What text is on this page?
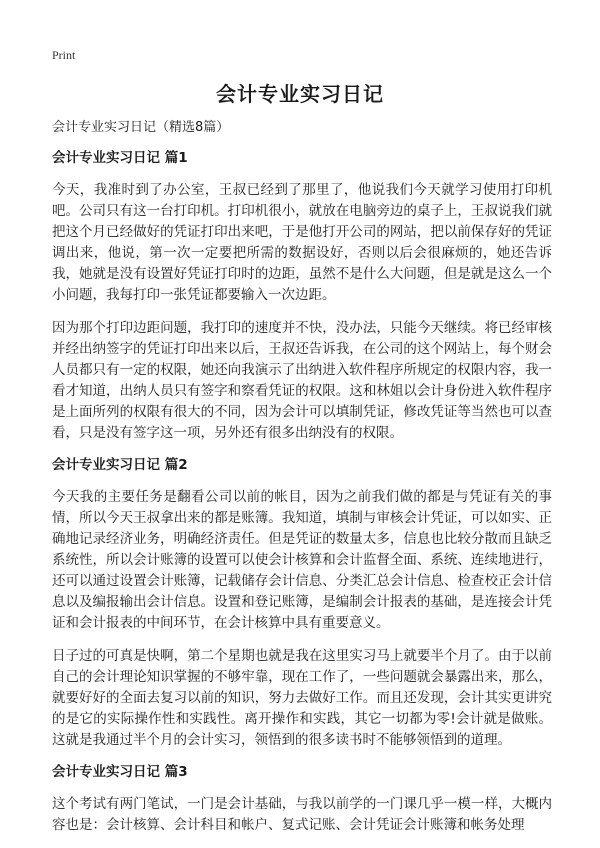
Print
会计专业实习日记

会计专业实习日记（精选8篇）

会计专业实习日记 篇1

今天，我准时到了办公室，王叔已经到了那里了，他说我们今天就学习使用打印机吧。公司只有这一台打印机。打印机很小，就放在电脑旁边的桌子上，王叔说我们就把这个月已经做好的凭证打印出来吧，于是他打开公司的网站，把以前保存好的凭证调出来，他说，第一次一定要把所需的数据设好，否则以后会很麻烦的，她还告诉我，她就是没有设置好凭证打印时的边距，虽然不是什么大问题，但是就是这么一个小问题，我每打印一张凭证都要输入一次边距。

因为那个打印边距问题，我打印的速度并不快，没办法，只能今天继续。将已经审核并经出纳签字的凭证打印出来以后，王叔还告诉我，在公司的这个网站上，每个财会人员都只有一定的权限，她还向我演示了出纳进入软件程序所规定的权限内容，我一看才知道，出纳人员只有签字和察看凭证的权限。这和林姐以会计身份进入软件程序是上面所列的权限有很大的不同，因为会计可以填制凭证，修改凭证等当然也可以查看，只是没有签字这一项，另外还有很多出纳没有的权限。

会计专业实习日记 篇2

今天我的主要任务是翻看公司以前的帐目，因为之前我们做的都是与凭证有关的事情，所以今天王叔拿出来的都是账簿。我知道，填制与审核会计凭证，可以如实、正确地记录经济业务，明确经济责任。但是凭证的数量太多，信息也比较分散而且缺乏系统性，所以会计账簿的设置可以使会计核算和会计监督全面、系统、连续地进行，还可以通过设置会计账簿，记载储存会计信息、分类汇总会计信息、检查校正会计信息以及编报输出会计信息。设置和登记账簿，是编制会计报表的基础，是连接会计凭证和会计报表的中间环节，在会计核算中具有重要意义。

日子过的可真是快啊，第二个星期也就是我在这里实习马上就要半个月了。由于以前自己的会计理论知识掌握的不够牢靠，现在工作了，一些问题就会暴露出来，那么，就要好好的全面去复习以前的知识，努力去做好工作。而且还发现，会计其实更讲究的是它的实际操作性和实践性。离开操作和实践，其它一切都为零!会计就是做账。这就是我通过半个月的会计实习，领悟到的很多读书时不能够领悟到的道理。

会计专业实习日记 篇3

这个考试有两门笔试，一门是会计基础，与我以前学的一门课几乎一模一样，大概内容也是：会计核算、会计科目和帐户、复式记账、会计凭证会计账簿和帐务处理
